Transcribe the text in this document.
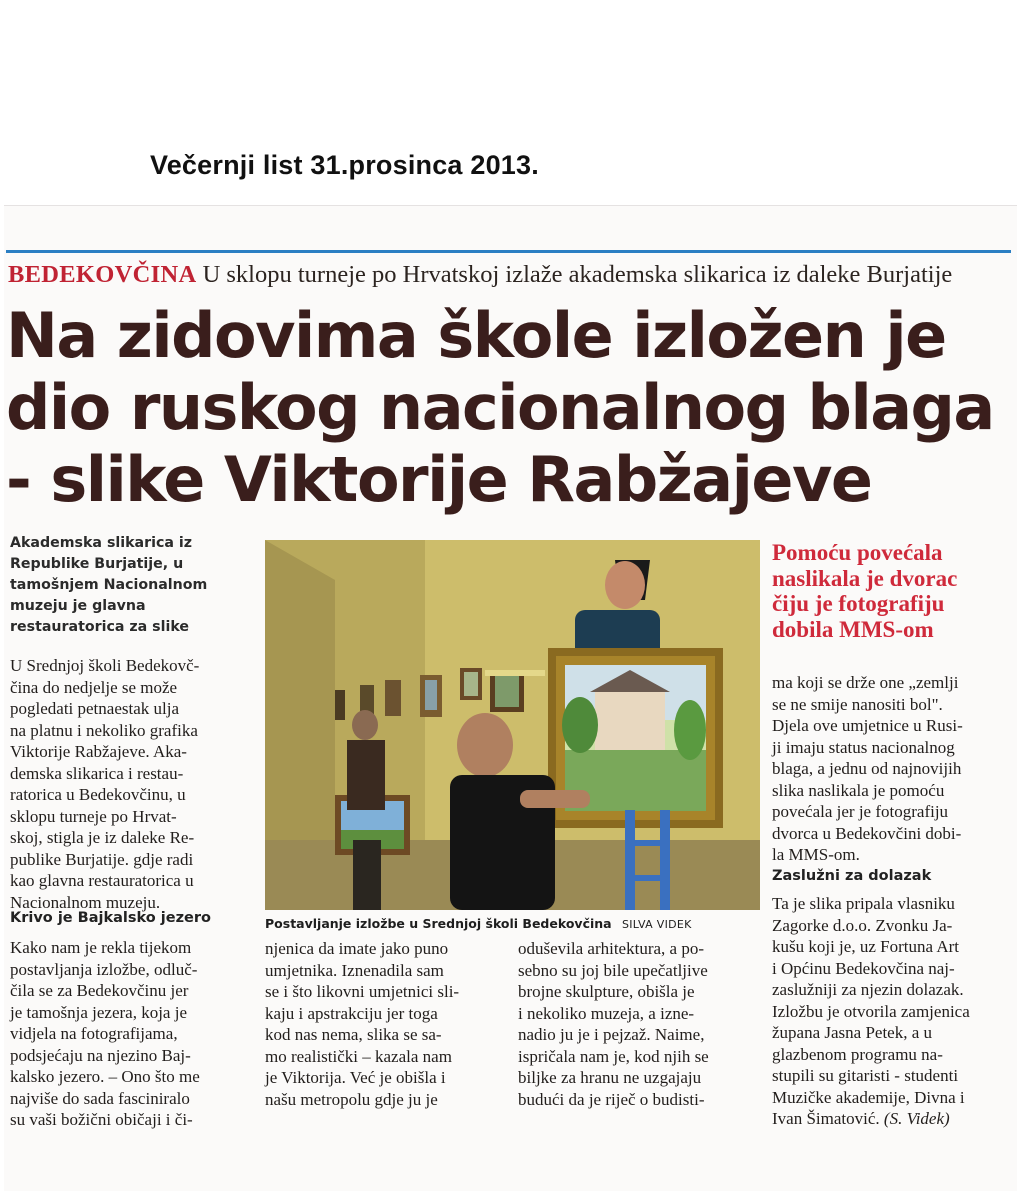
Večernji list 31.prosinca 2013.
BEDEKOVČINA U sklopu turneje po Hrvatskoj izlaže akademska slikarica iz daleke Burjatije
Na zidovima škole izložen je
dio ruskog nacionalnog blaga
- slike Viktorije Rabžajeve
Akademska slikarica iz
Republike Burjatije, u
tamošnjem Nacionalnom
muzeju je glavna
restauratorica za slike
U Srednjoj školi Bedekovč-
čina do nedjelje se može
pogledati petnaestak ulja
na platnu i nekoliko grafika
Viktorije Rabžajeve. Aka-
demska slikarica i restau-
ratorica u Bedekovčinu, u
sklopu turneje po Hrvat-
skoj, stigla je iz daleke Re-
publike Burjatije. gdje radi
kao glavna restauratorica u
Nacionalnom muzeju.
Krivo je Bajkalsko jezero
Kako nam je rekla tijekom
postavljanja izložbe, odluč-
čila se za Bedekovčinu jer
je tamošnja jezera, koja je
vidjela na fotografijama,
podsjećaju na njezino Baj-
kalsko jezero. – Ono što me
najviše do sada fasciniralo
su vaši božični običaji i či-
Postavljanje izložbe u Srednjoj školi Bedekovčina SILVA VIDEK
njenica da imate jako puno
umjetnika. Iznenadila sam
se i što likovni umjetnici sli-
kaju i apstrakciju jer toga
kod nas nema, slika se sa-
mo realistički – kazala nam
je Viktorija. Već je obišla i
našu metropolu gdje ju je
oduševila arhitektura, a po-
sebno su joj bile upečatljive
brojne skulpture, obišla je
i nekoliko muzeja, a izne-
nadio ju je i pejzaž. Naime,
ispričala nam je, kod njih se
biljke za hranu ne uzgajaju
budući da je riječ o budisti-
Pomoću povećala
naslikala je dvorac
čiju je fotografiju
dobila MMS-om
ma koji se drže one „zemlji
se ne smije nanositi bol".
Djela ove umjetnice u Rusi-
ji imaju status nacionalnog
blaga, a jednu od najnovijih
slika naslikala je pomoću
povećala jer je fotografiju
dvorca u Bedekovčini dobi-
la MMS-om.
Zaslužni za dolazak
Ta je slika pripala vlasniku
Zagorke d.o.o. Zvonku Ja-
kušu koji je, uz Fortuna Art
i Općinu Bedekovčina naj-
zaslužniji za njezin dolazak.
Izložbu je otvorila zamjenica
župana Jasna Petek, a u
glazbenom programu na-
stupili su gitaristi - studenti
Muzičke akademije, Divna i
Ivan Šimatović. (S. Videk)
